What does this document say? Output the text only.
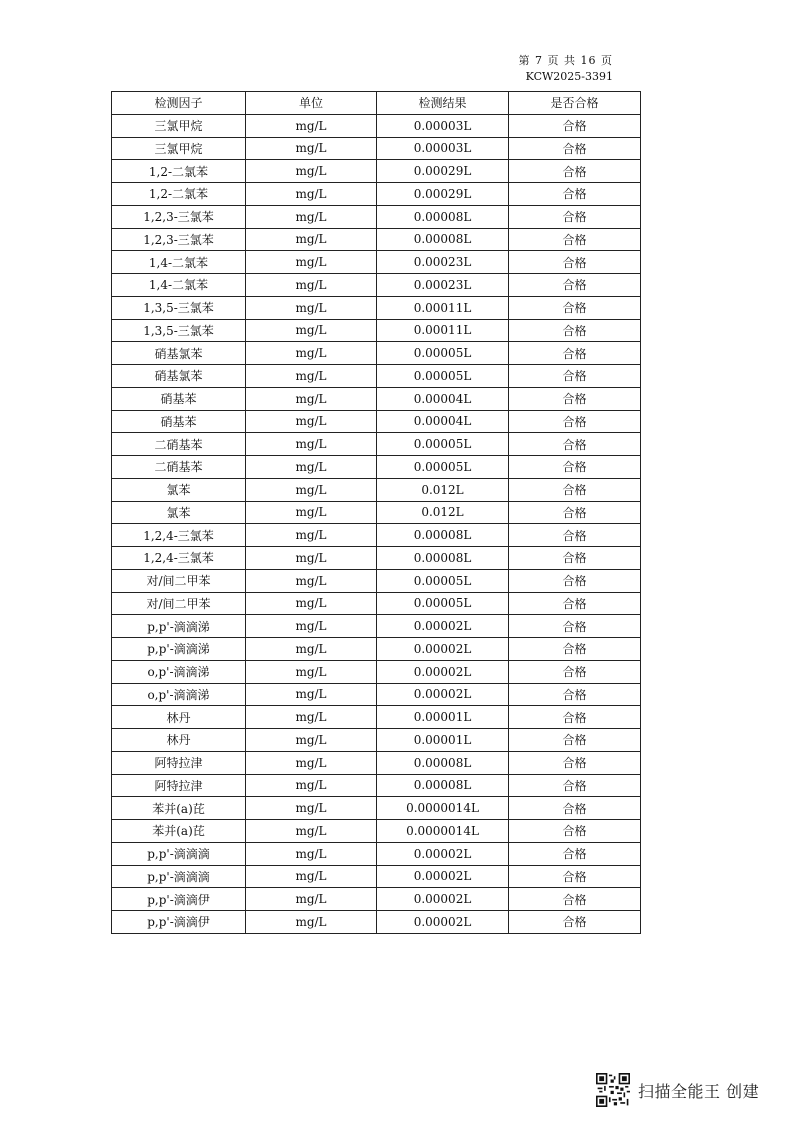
第 7 页 共 16 页
KCW2025-3391
检测因子	单位	检测结果	是否合格
三氯甲烷	mg/L	0.00003L	合格
三氯甲烷	mg/L	0.00003L	合格
1,2-二氯苯	mg/L	0.00029L	合格
1,2-二氯苯	mg/L	0.00029L	合格
1,2,3-三氯苯	mg/L	0.00008L	合格
1,2,3-三氯苯	mg/L	0.00008L	合格
1,4-二氯苯	mg/L	0.00023L	合格
1,4-二氯苯	mg/L	0.00023L	合格
1,3,5-三氯苯	mg/L	0.00011L	合格
1,3,5-三氯苯	mg/L	0.00011L	合格
硝基氯苯	mg/L	0.00005L	合格
硝基氯苯	mg/L	0.00005L	合格
硝基苯	mg/L	0.00004L	合格
硝基苯	mg/L	0.00004L	合格
二硝基苯	mg/L	0.00005L	合格
二硝基苯	mg/L	0.00005L	合格
氯苯	mg/L	0.012L	合格
氯苯	mg/L	0.012L	合格
1,2,4-三氯苯	mg/L	0.00008L	合格
1,2,4-三氯苯	mg/L	0.00008L	合格
对/间二甲苯	mg/L	0.00005L	合格
对/间二甲苯	mg/L	0.00005L	合格
p,p'-滴滴涕	mg/L	0.00002L	合格
p,p'-滴滴涕	mg/L	0.00002L	合格
o,p'-滴滴涕	mg/L	0.00002L	合格
o,p'-滴滴涕	mg/L	0.00002L	合格
林丹	mg/L	0.00001L	合格
林丹	mg/L	0.00001L	合格
阿特拉津	mg/L	0.00008L	合格
阿特拉津	mg/L	0.00008L	合格
苯并(a)芘	mg/L	0.0000014L	合格
苯并(a)芘	mg/L	0.0000014L	合格
p,p'-滴滴滴	mg/L	0.00002L	合格
p,p'-滴滴滴	mg/L	0.00002L	合格
p,p'-滴滴伊	mg/L	0.00002L	合格
p,p'-滴滴伊	mg/L	0.00002L	合格
扫描全能王 创建
